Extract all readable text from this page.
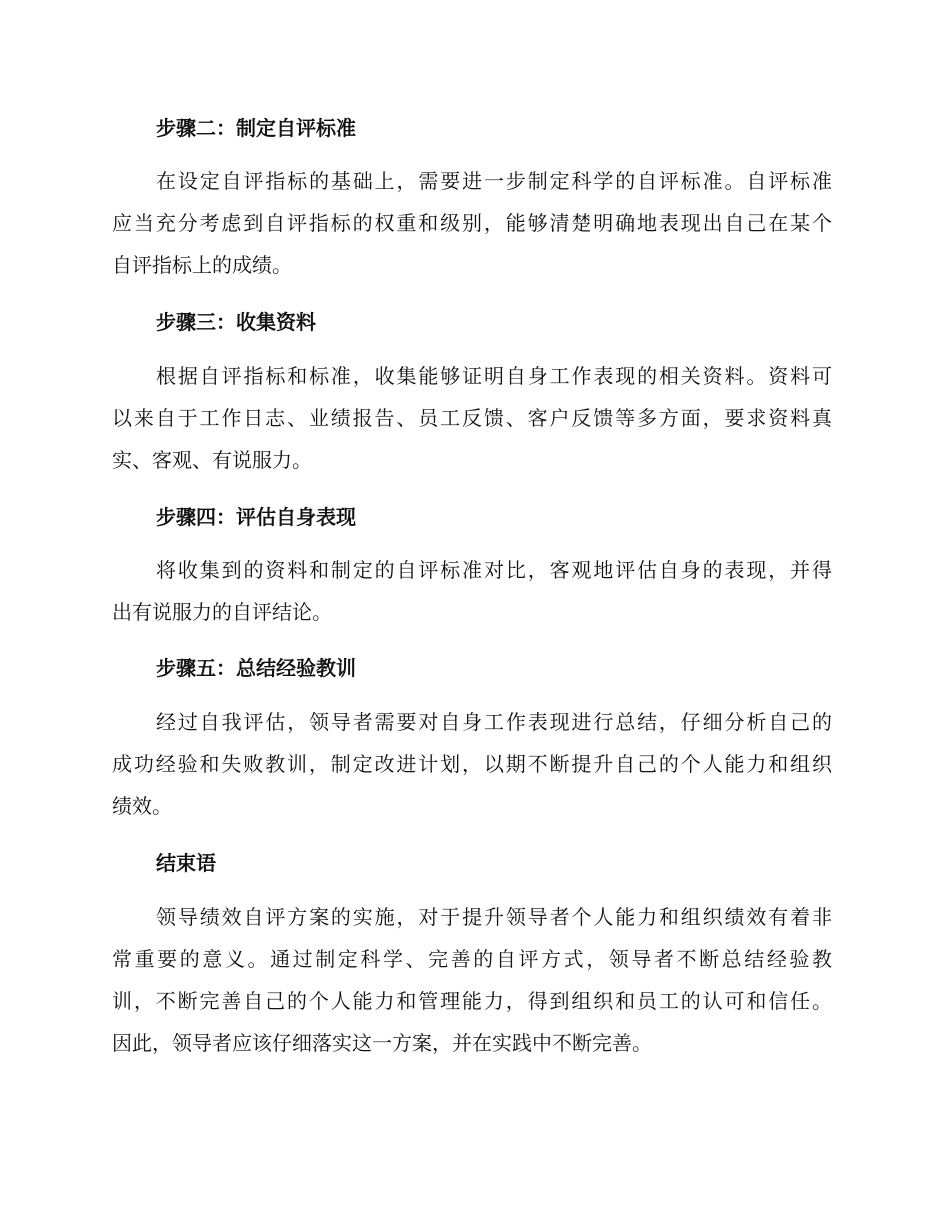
步骤二：制定自评标准
在设定自评指标的基础上，需要进一步制定科学的自评标准。自评标准
应当充分考虑到自评指标的权重和级别，能够清楚明确地表现出自己在某个
自评指标上的成绩。
步骤三：收集资料
根据自评指标和标准，收集能够证明自身工作表现的相关资料。资料可
以来自于工作日志、业绩报告、员工反馈、客户反馈等多方面，要求资料真
实、客观、有说服力。
步骤四：评估自身表现
将收集到的资料和制定的自评标准对比，客观地评估自身的表现，并得
出有说服力的自评结论。
步骤五：总结经验教训
经过自我评估，领导者需要对自身工作表现进行总结，仔细分析自己的
成功经验和失败教训，制定改进计划，以期不断提升自己的个人能力和组织
绩效。
结束语
领导绩效自评方案的实施，对于提升领导者个人能力和组织绩效有着非
常重要的意义。通过制定科学、完善的自评方式，领导者不断总结经验教
训，不断完善自己的个人能力和管理能力，得到组织和员工的认可和信任。
因此，领导者应该仔细落实这一方案，并在实践中不断完善。
